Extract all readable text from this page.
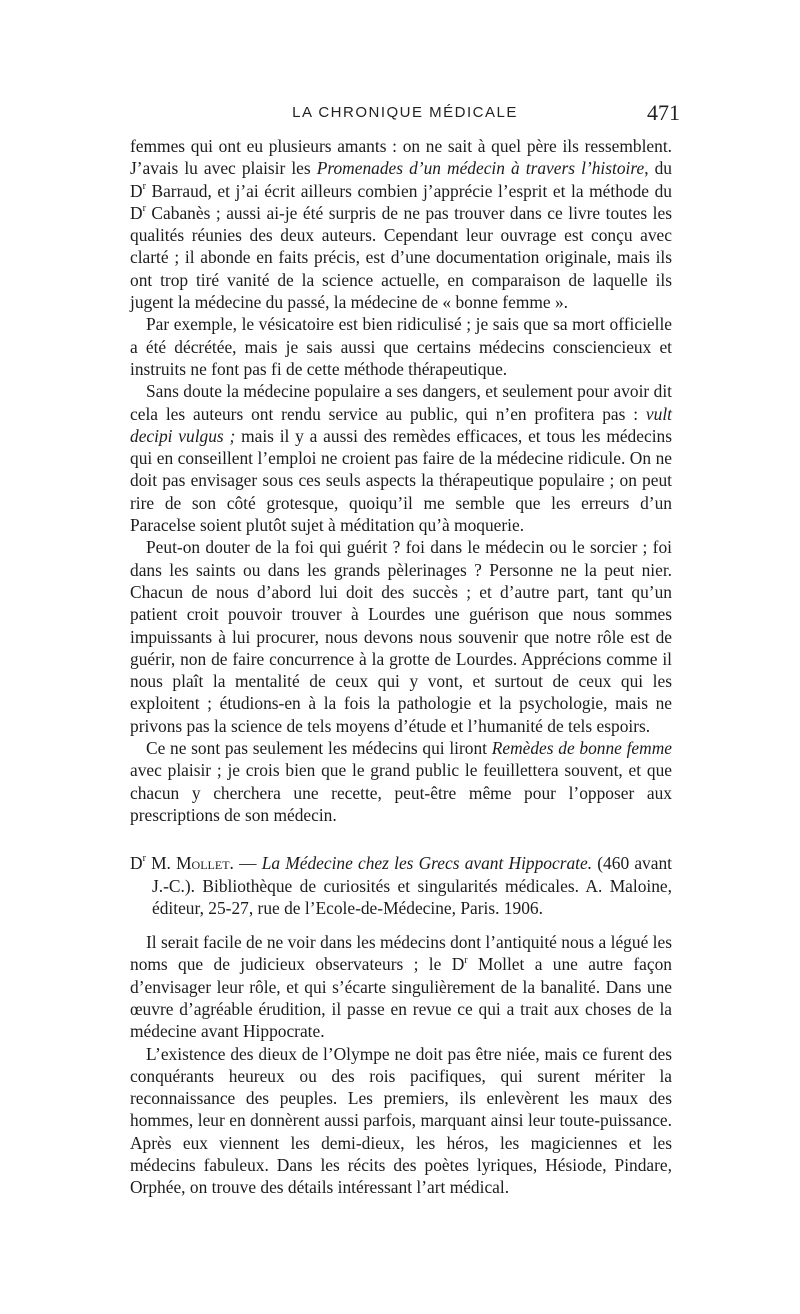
LA CHRONIQUE MÉDICALE	471

femmes qui ont eu plusieurs amants : on ne sait à quel père ils ressemblent. J’avais lu avec plaisir les Promenades d’un médecin à travers l’histoire, du $D^r$ Barraud, et j’ai écrit ailleurs combien j’apprécie l’esprit et la méthode du $D^r$ Cabanès ; aussi ai-je été surpris de ne pas trouver dans ce livre toutes les qualités réunies des deux auteurs. Cependant leur ouvrage est conçu avec clarté ; il abonde en faits précis, est d’une documentation originale, mais ils ont trop tiré vanité de la science actuelle, en comparaison de laquelle ils jugent la médecine du passé, la médecine de « bonne femme ».

Par exemple, le vésicatoire est bien ridiculisé ; je sais que sa mort officielle a été décrétée, mais je sais aussi que certains médecins consciencieux et instruits ne font pas fi de cette méthode thérapeutique.

Sans doute la médecine populaire a ses dangers, et seulement pour avoir dit cela les auteurs ont rendu service au public, qui n’en profitera pas : vult decipi vulgus ; mais il y a aussi des remèdes efficaces, et tous les médecins qui en conseillent l’emploi ne croient pas faire de la médecine ridicule. On ne doit pas envisager sous ces seuls aspects la thérapeutique populaire ; on peut rire de son côté grotesque, quoiqu’il me semble que les erreurs d’un Paracelse soient plutôt sujet à méditation qu’à moquerie.

Peut-on douter de la foi qui guérit ? foi dans le médecin ou le sorcier ; foi dans les saints ou dans les grands pèlerinages ? Personne ne la peut nier. Chacun de nous d’abord lui doit des succès ; et d’autre part, tant qu’un patient croit pouvoir trouver à Lourdes une guérison que nous sommes impuissants à lui procurer, nous devons nous souvenir que notre rôle est de guérir, non de faire concurrence à la grotte de Lourdes. Apprécions comme il nous plaît la mentalité de ceux qui y vont, et surtout de ceux qui les exploitent ; étudions-en à la fois la pathologie et la psychologie, mais ne privons pas la science de tels moyens d’étude et l’humanité de tels espoirs.

Ce ne sont pas seulement les médecins qui liront Remèdes de bonne femme avec plaisir ; je crois bien que le grand public le feuillettera souvent, et que chacun y cherchera une recette, peut-être même pour l’opposer aux prescriptions de son médecin.

$D^r$ M. Mollet. — La Médecine chez les Grecs avant Hippocrate. (460 avant J.-C.). Bibliothèque de curiosités et singularités médicales. A. Maloine, éditeur, 25-27, rue de l’Ecole-de-Médecine, Paris. 1906.

Il serait facile de ne voir dans les médecins dont l’antiquité nous a légué les noms que de judicieux observateurs ; le $D^r$ Mollet a une autre façon d’envisager leur rôle, et qui s’écarte singulièrement de la banalité. Dans une œuvre d’agréable érudition, il passe en revue ce qui a trait aux choses de la médecine avant Hippocrate.

L’existence des dieux de l’Olympe ne doit pas être niée, mais ce furent des conquérants heureux ou des rois pacifiques, qui surent mériter la reconnaissance des peuples. Les premiers, ils enlevèrent les maux des hommes, leur en donnèrent aussi parfois, marquant ainsi leur toute-puissance. Après eux viennent les demi-dieux, les héros, les magiciennes et les médecins fabuleux. Dans les récits des poètes lyriques, Hésiode, Pindare, Orphée, on trouve des détails intéressant l’art médical.
